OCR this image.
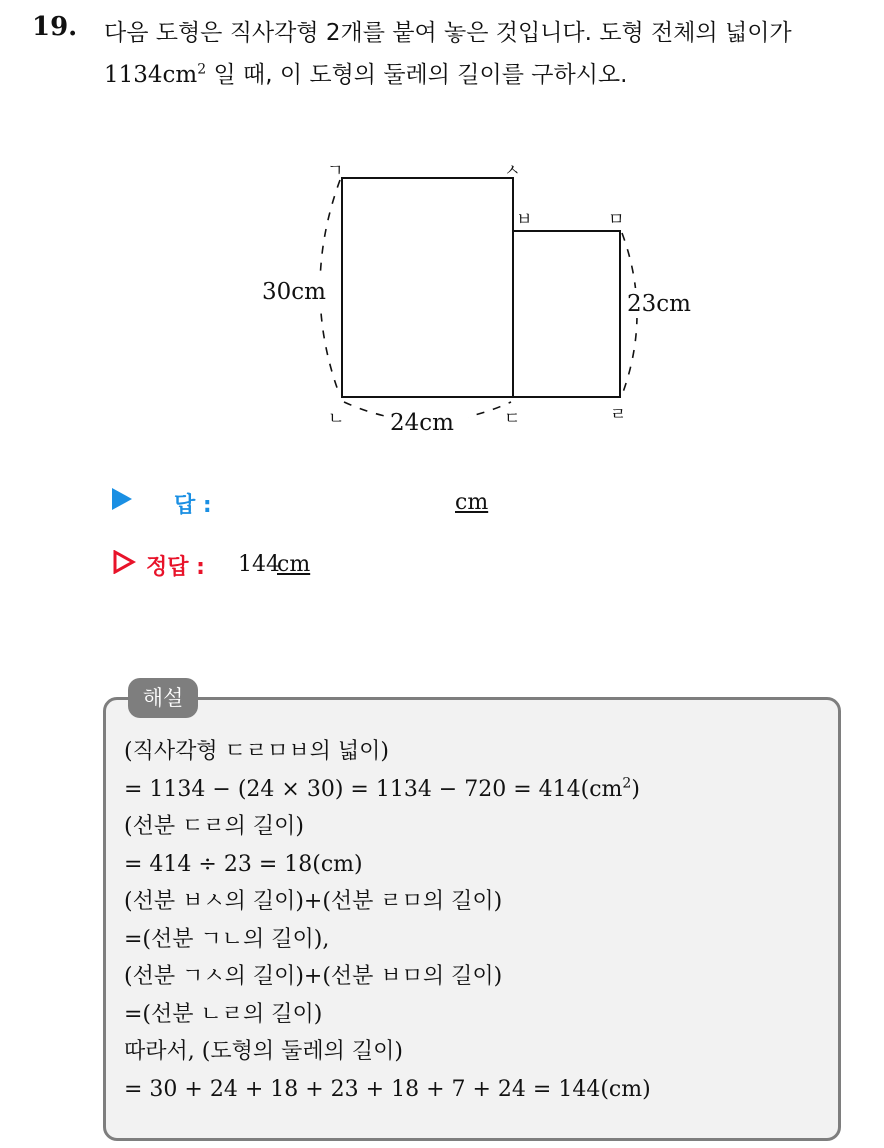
19. 다음 도형은 직사각형 2개를 붙여 놓은 것입니다. 도형 전체의 넓이가
$1134cm^2$ 일 때, 이 도형의 둘레의 길이를 구하시오.
ㄱ	ㅅ
ㅂ	ㅁ
ㄴ	ㄷ	ㄹ
30cm
24cm
23cm
답 :	cm
정답 : 144
cm
해설
(직사각형 ㄷㄹㅁㅂ의 넓이)
= $1134 - (24 \times 30) = 1134 - 720 = 414(cm^2)$
(선분 ㄷㄹ의 길이)
= 414 ÷ 23 = 18(cm)
(선분 ㅂㅅ의 길이)+(선분 ㄹㅁ의 길이)
=(선분 ㄱㄴ의 길이),
(선분 ㄱㅅ의 길이)+(선분 ㅂㅁ의 길이)
=(선분 ㄴㄹ의 길이)
따라서, (도형의 둘레의 길이)
= 30 + 24 + 18 + 23 + 18 + 7 + 24 = 144(cm)
